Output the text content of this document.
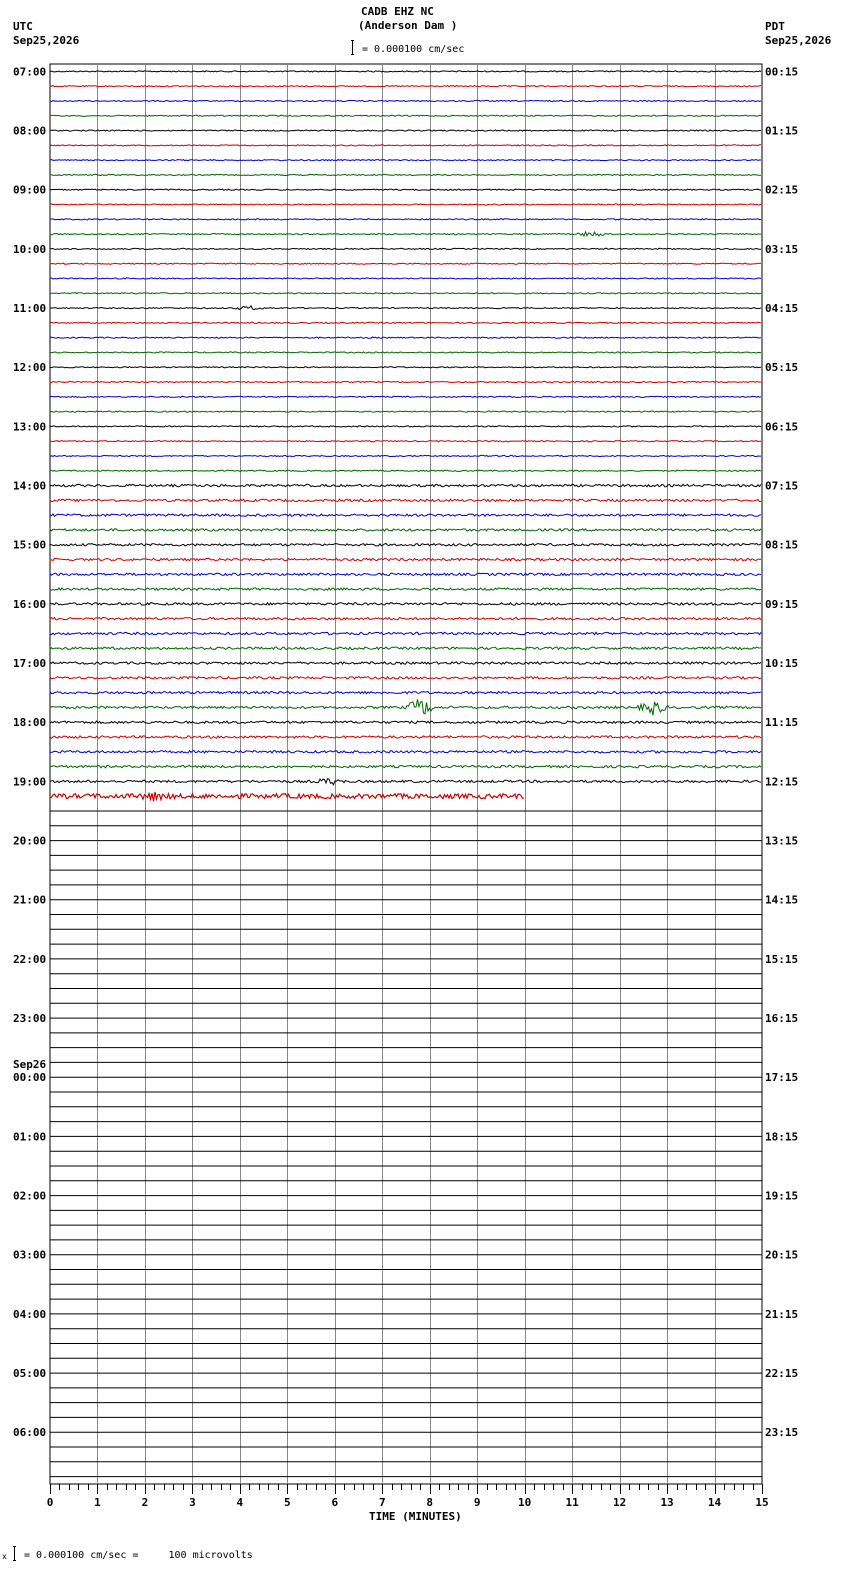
0	1	2	3	4	5	6	7	8	9	10	11	12	13	14	15
07:00
08:00
09:00
10:00
11:00
12:00
13:00
14:00
15:00
16:00
17:00
18:00
19:00
20:00
21:00
22:00
23:00
00:00
Sep26
01:00
02:00
03:00
04:00
05:00
06:00
00:15
01:15
02:15
03:15
04:15
05:15
06:15
07:15
08:15
09:15
10:15
11:15
12:15
13:15
14:15
15:15
16:15
17:15
18:15
19:15
20:15
21:15
22:15
23:15
CADB EHZ NC
(Anderson Dam )
= 0.000100 cm/sec
UTC
Sep25,2026
PDT
Sep25,2026
TIME (MINUTES)
x = 0.000100 cm/sec =     100 microvolts
